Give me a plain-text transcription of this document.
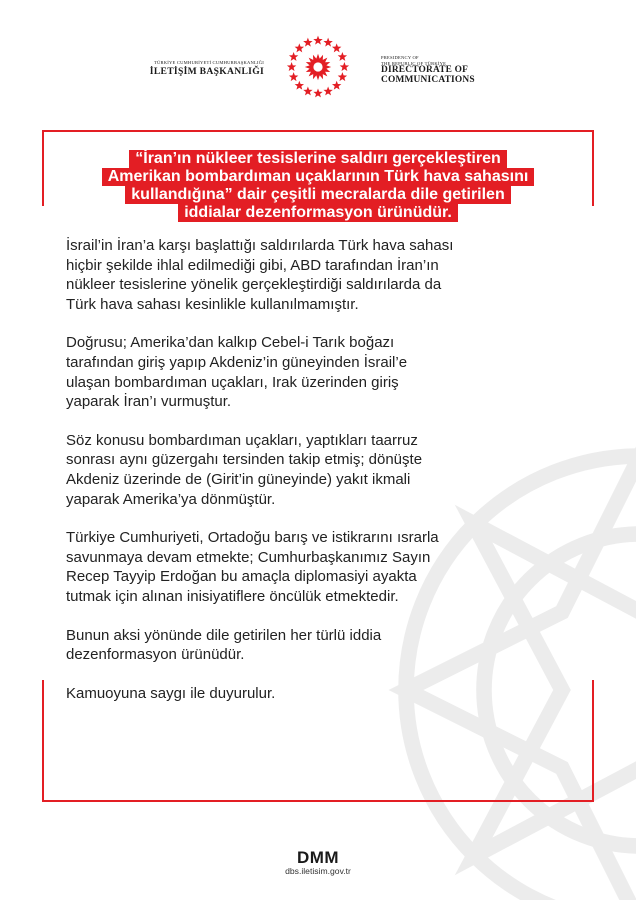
TÜRKİYE CUMHURİYETİ CUMHURBAŞKANLIĞI
İLETİŞİM BAŞKANLIĞI
PRESIDENCY OF
THE REPUBLIC OF TÜRKİYE
DIRECTORATE OF
COMMUNICATIONS
“İran’ın nükleer tesislerine saldırı gerçekleştiren
Amerikan bombardıman uçaklarının Türk hava sahasını
kullandığına” dair çeşitli mecralarda dile getirilen
iddialar dezenformasyon ürünüdür.

İsrail’in İran’a karşı başlattığı saldırılarda Türk hava sahası
hiçbir şekilde ihlal edilmediği gibi, ABD tarafından İran’ın
nükleer tesislerine yönelik gerçekleştirdiği saldırılarda da
Türk hava sahası kesinlikle kullanılmamıştır.

Doğrusu; Amerika’dan kalkıp Cebel-i Tarık boğazı
tarafından giriş yapıp Akdeniz’in güneyinden İsrail’e
ulaşan bombardıman uçakları, Irak üzerinden giriş
yaparak İran’ı vurmuştur.

Söz konusu bombardıman uçakları, yaptıkları taarruz
sonrası aynı güzergahı tersinden takip etmiş; dönüşte
Akdeniz üzerinde de (Girit’in güneyinde) yakıt ikmali
yaparak Amerika’ya dönmüştür.

Türkiye Cumhuriyeti, Ortadoğu barış ve istikrarını ısrarla
savunmaya devam etmekte; Cumhurbaşkanımız Sayın
Recep Tayyip Erdoğan bu amaçla diplomasiyi ayakta
tutmak için alınan inisiyatiflere öncülük etmektedir.

Bunun aksi yönünde dile getirilen her türlü iddia
dezenformasyon ürünüdür.

Kamuoyuna saygı ile duyurulur.

DMM
dbs.iletisim.gov.tr
